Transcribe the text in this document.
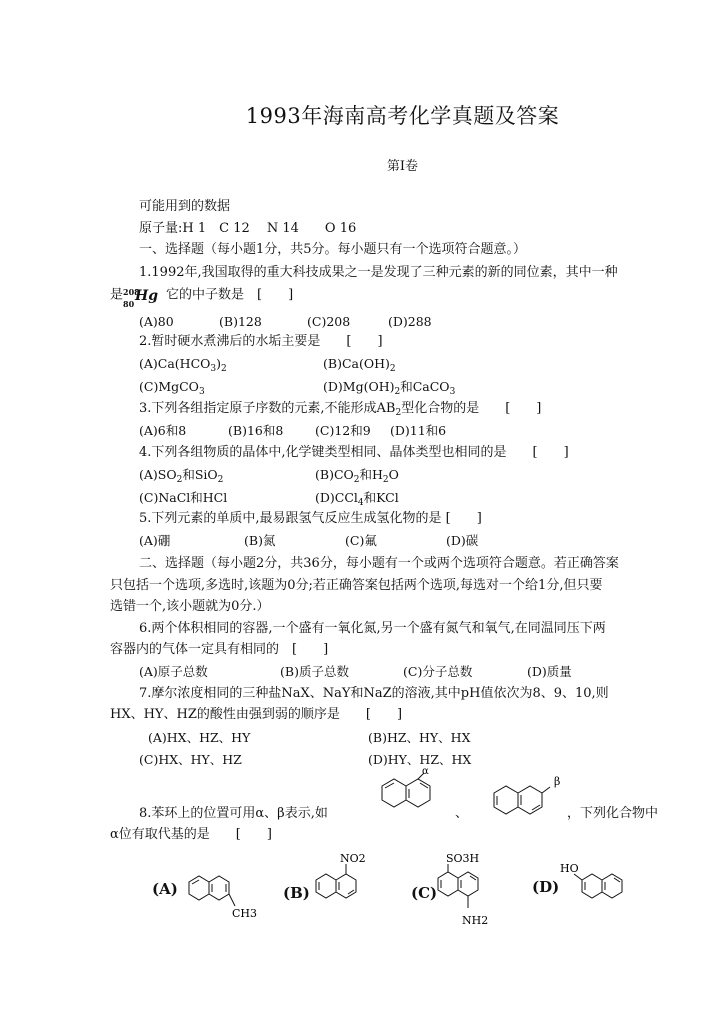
1993年海南高考化学真题及答案
第Ⅰ卷
可能用到的数据
原子量:H 1　C 12　 N 14　　O 16
一、选择题（每小题1分，共5分。每小题只有一个选项符合题意。）
1.1992年,我国取得的重大科技成果之一是发现了三种元素的新的同位素，其中一种
是 208
80 Hg
，它的中子数是　[　　]
(A)80	(B)128	(C)208	(D)288
2.暂时硬水煮沸后的水垢主要是　　[　　]
$(A)Ca(HCO_3)_2$	$(B)Ca(OH)_2$
(C)MgCO$_3$	$(D)Mg(OH)_2$和CaCO$_3$
3.下列各组指定原子序数的元素,不能形成$AB_2$型化合物的是　　[　　]
(A)6和8	(B)16和8	(C)12和9 (D)11和6
4.下列各组物质的晶体中,化学键类型相同、晶体类型也相同的是　　[　　]
$(A)SO_2$和SiO$_2$	$(B)CO_2$和$H_2O$
(C)NaCl和HCl	(D)CCl$_4$和KCl
5.下列元素的单质中,最易跟氢气反应生成氢化物的是 [　　]
(A)硼	(B)氮	(C)氟	(D)碳
二、选择题（每小题2分，共36分，每小题有一个或两个选项符合题意。若正确答案
只包括一个选项,多选时,该题为0分;若正确答案包括两个选项,每选对一个给1分,但只要
选错一个,该小题就为0分.）
6.两个体积相同的容器,一个盛有一氧化氮,另一个盛有氮气和氧气,在同温同压下两
容器内的气体一定具有相同的　[　　]
(A)原子总数	(B)质子总数	(C)分子总数	(D)质量
7.摩尔浓度相同的三种盐NaX、NaY和NaZ的溶液,其中pH值依次为8、9、10,则
HX、HY、HZ的酸性由强到弱的顺序是　　[　　]
(A)HX、HZ、HY	(B)HZ、HY、HX
(C)HX、HY、HZ	(D)HY、HZ、HX
8.苯环上的位置可用α、β表示,如
α
、
β
，下列化合物中
α位有取代基的是　　[　　]
(A)
CH3
(B)
NO2
(C)
SO3H
NH2
(D)
HO
